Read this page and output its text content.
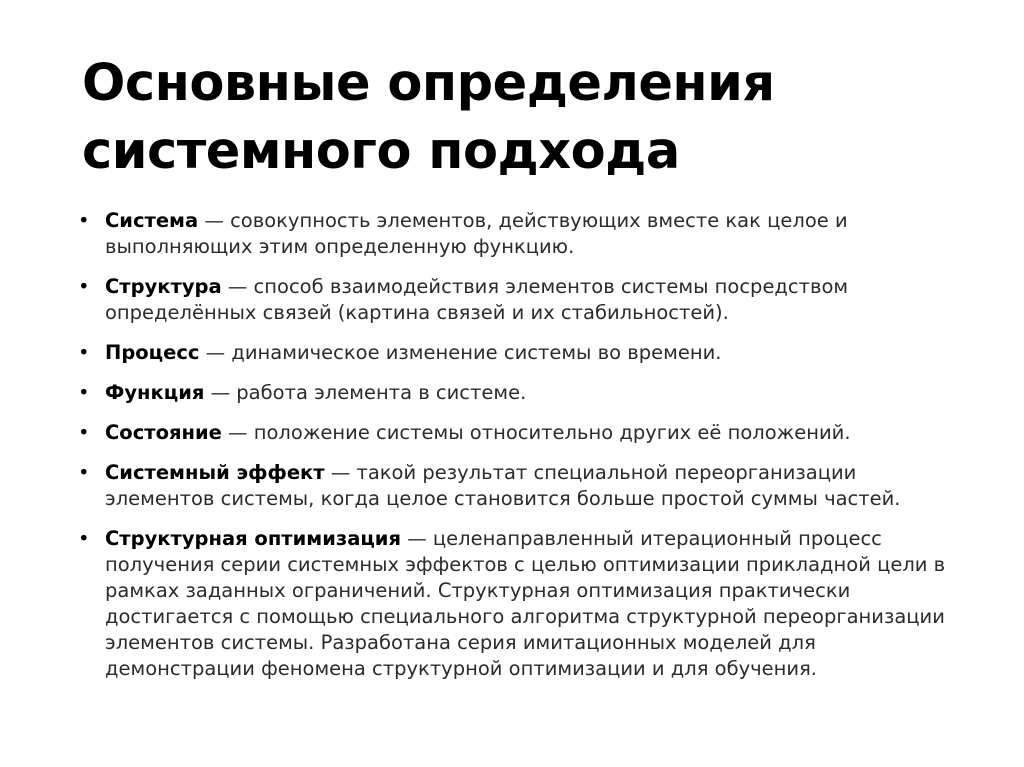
Основные определения
системного подхода
• Система — совокупность элементов, действующих вместе как целое и выполняющих этим определенную функцию.
• Структура — способ взаимодействия элементов системы посредством определённых связей (картина связей и их стабильностей).
• Процесс — динамическое изменение системы во времени.
• Функция — работа элемента в системе.
• Состояние — положение системы относительно других её положений.
• Системный эффект — такой результат специальной переорганизации элементов системы, когда целое становится больше простой суммы частей.
• Структурная оптимизация — целенаправленный итерационный процесс получения серии системных эффектов с целью оптимизации прикладной цели в рамках заданных ограничений. Структурная оптимизация практически достигается с помощью специального алгоритма структурной переорганизации элементов системы. Разработана серия имитационных моделей для демонстрации феномена структурной оптимизации и для обучения.
